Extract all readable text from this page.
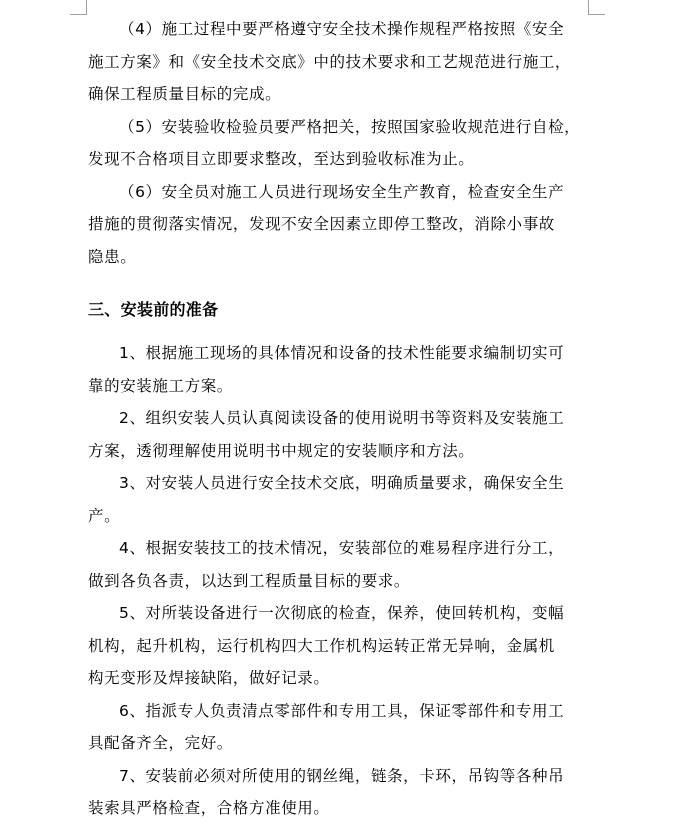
（4）施工过程中要严格遵守安全技术操作规程严格按照《安全
施工方案》和《安全技术交底》中的技术要求和工艺规范进行施工，
确保工程质量目标的完成。

（5）安装验收检验员要严格把关，按照国家验收规范进行自检，
发现不合格项目立即要求整改，至达到验收标准为止。

（6）安全员对施工人员进行现场安全生产教育，检查安全生产
措施的贯彻落实情况，发现不安全因素立即停工整改，消除小事故
隐患。

三、安装前的准备

1、根据施工现场的具体情况和设备的技术性能要求编制切实可
靠的安装施工方案。

2、组织安装人员认真阅读设备的使用说明书等资料及安装施工
方案，透彻理解使用说明书中规定的安装顺序和方法。

3、对安装人员进行安全技术交底，明确质量要求，确保安全生
产。

4、根据安装技工的技术情况，安装部位的难易程序进行分工，
做到各负各责，以达到工程质量目标的要求。

5、对所装设备进行一次彻底的检查，保养，使回转机构，变幅
机构，起升机构，运行机构四大工作机构运转正常无异响，金属机
构无变形及焊接缺陷，做好记录。

6、指派专人负责清点零部件和专用工具，保证零部件和专用工
具配备齐全，完好。

7、安装前必须对所使用的钢丝绳，链条，卡环，吊钩等各种吊
装索具严格检查，合格方准使用。
